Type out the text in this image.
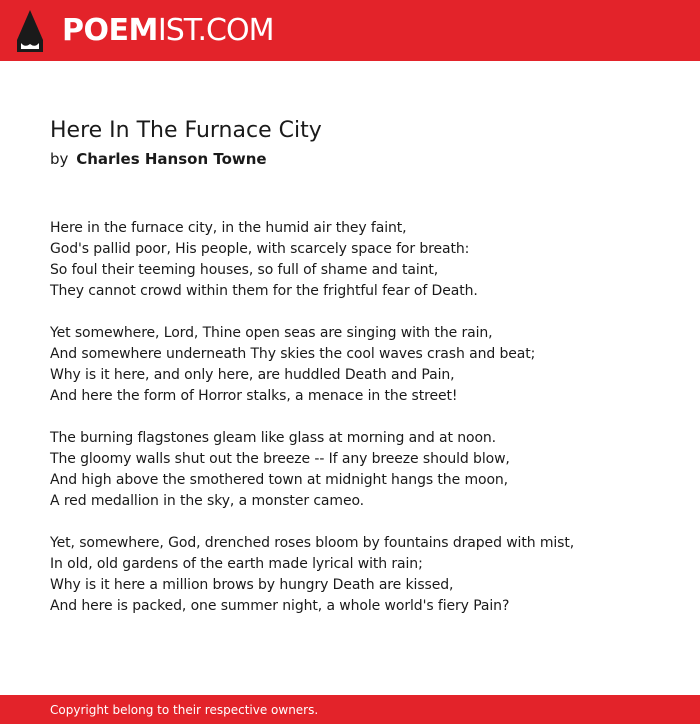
POEMIST.COM
Here In The Furnace City
by Charles Hanson Towne
Here in the furnace city, in the humid air they faint,
God's pallid poor, His people, with scarcely space for breath:
So foul their teeming houses, so full of shame and taint,
They cannot crowd within them for the frightful fear of Death.
Yet somewhere, Lord, Thine open seas are singing with the rain,
And somewhere underneath Thy skies the cool waves crash and beat;
Why is it here, and only here, are huddled Death and Pain,
And here the form of Horror stalks, a menace in the street!
The burning flagstones gleam like glass at morning and at noon.
The gloomy walls shut out the breeze -- If any breeze should blow,
And high above the smothered town at midnight hangs the moon,
A red medallion in the sky, a monster cameo.
Yet, somewhere, God, drenched roses bloom by fountains draped with mist,
In old, old gardens of the earth made lyrical with rain;
Why is it here a million brows by hungry Death are kissed,
And here is packed, one summer night, a whole world's fiery Pain?
Copyright belong to their respective owners.
